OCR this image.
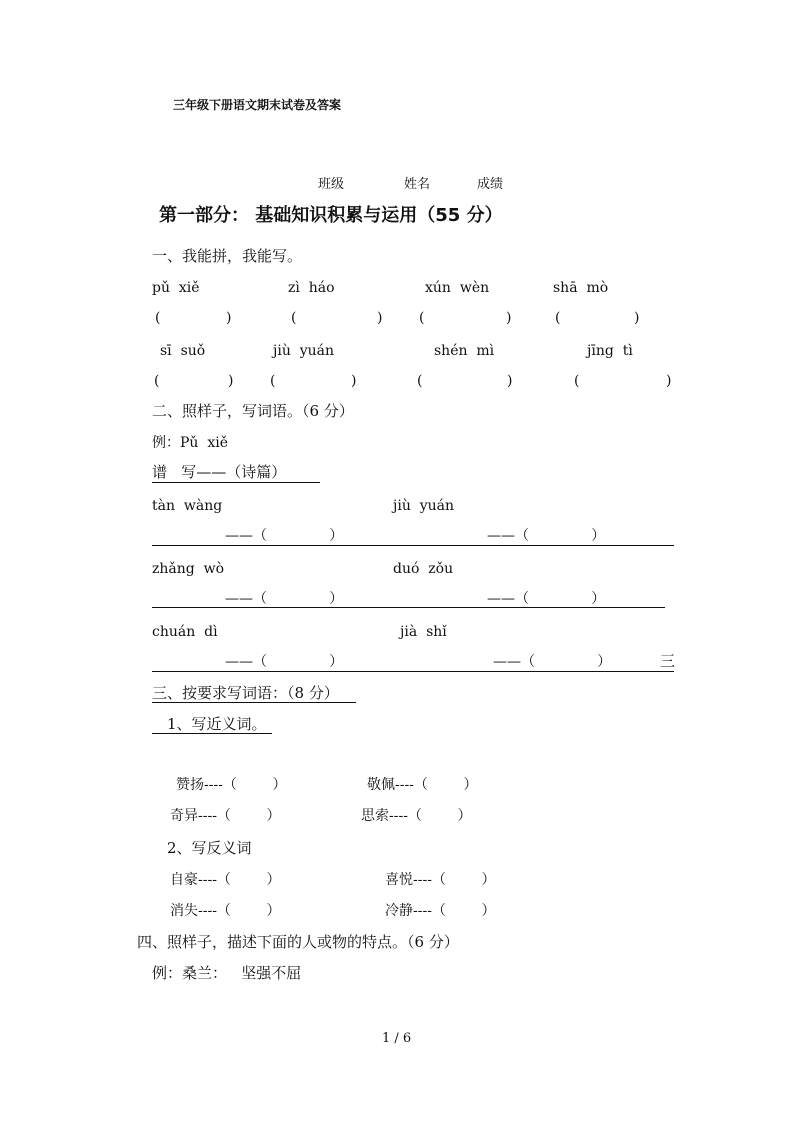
三年级下册语文期末试卷及答案
班级	姓名	成绩
第一部分： 基础知识积累与运用（55 分）
一、我能拼，我能写。
pǔ  xiě	zì  háo	xún  wèn	shā  mò
(	)	(	)	(	)	(	)
sī  suǒ	jiù  yuán	shén  mì	jīng  tì
(	)	(	)	(	)	(	)
二、照样子，写词语。（6 分）
例：Pǔ  xiě
谱   写——（诗篇）
tàn  wàng	jiù  yuán
——（              ）	——（              ）
zhǎng  wò	duó  zǒu
——（              ）	——（              ）
chuán  dì	jià  shǐ
——（              ）	——（              ）	三
三、按要求写词语：（8 分）
1、写近义词。
赞扬----（        ）	敬佩----（        ）
奇异----（        ）	思索----（        ）
2、写反义词
自豪----（        ）	喜悦----（        ）
消失----（        ）	冷静----（        ）
四、照样子，描述下面的人或物的特点。（6 分）
例：桑兰：   坚强不屈
1 / 6
